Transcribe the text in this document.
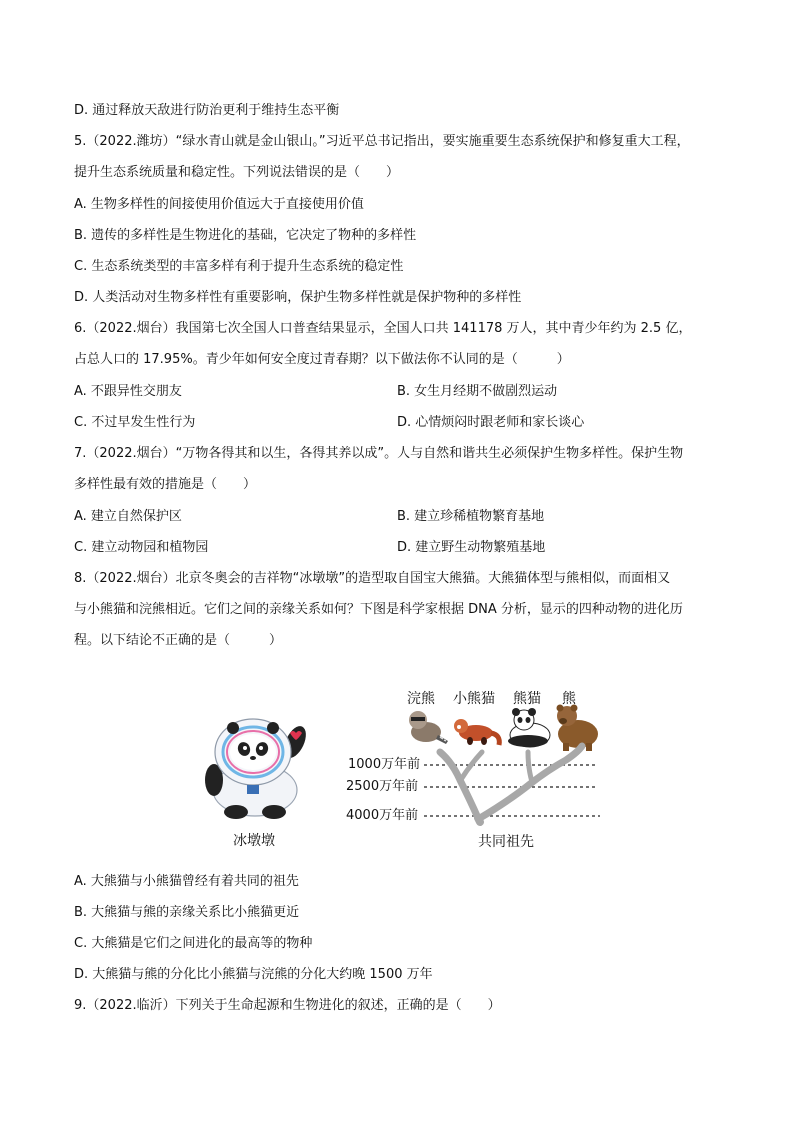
D. 通过释放天敌进行防治更利于维持生态平衡
5.（2022.潍坊）“绿水青山就是金山银山。”习近平总书记指出，要实施重要生态系统保护和修复重大工程，
提升生态系统质量和稳定性。下列说法错误的是（　　）
A. 生物多样性的间接使用价值远大于直接使用价值
B. 遗传的多样性是生物进化的基础，它决定了物种的多样性
C. 生态系统类型的丰富多样有利于提升生态系统的稳定性
D. 人类活动对生物多样性有重要影响，保护生物多样性就是保护物种的多样性
6.（2022.烟台）我国第七次全国人口普查结果显示，全国人口共 141178 万人，其中青少年约为 2.5 亿，
占总人口的 17.95%。青少年如何安全度过青春期？以下做法你不认同的是（　　　）
A. 不跟异性交朋友	B. 女生月经期不做剧烈运动
C. 不过早发生性行为	D. 心情烦闷时跟老师和家长谈心
7.（2022.烟台）“万物各得其和以生，各得其养以成”。人与自然和谐共生必须保护生物多样性。保护生物
多样性最有效的措施是（　　）
A. 建立自然保护区	B. 建立珍稀植物繁育基地
C. 建立动物园和植物园	D. 建立野生动物繁殖基地
8.（2022.烟台）北京冬奥会的吉祥物“冰墩墩”的造型取自国宝大熊猫。大熊猫体型与熊相似，而面相又
与小熊猫和浣熊相近。它们之间的亲缘关系如何？下图是科学家根据 DNA 分析，显示的四种动物的进化历
程。以下结论不正确的是（　　　）
浣熊 小熊猫 熊猫 熊
1000万年前
2500万年前
4000万年前
冰墩墩	共同祖先
A. 大熊猫与小熊猫曾经有着共同的祖先
B. 大熊猫与熊的亲缘关系比小熊猫更近
C. 大熊猫是它们之间进化的最高等的物种
D. 大熊猫与熊的分化比小熊猫与浣熊的分化大约晚 1500 万年
9.（2022.临沂）下列关于生命起源和生物进化的叙述，正确的是（　　）
